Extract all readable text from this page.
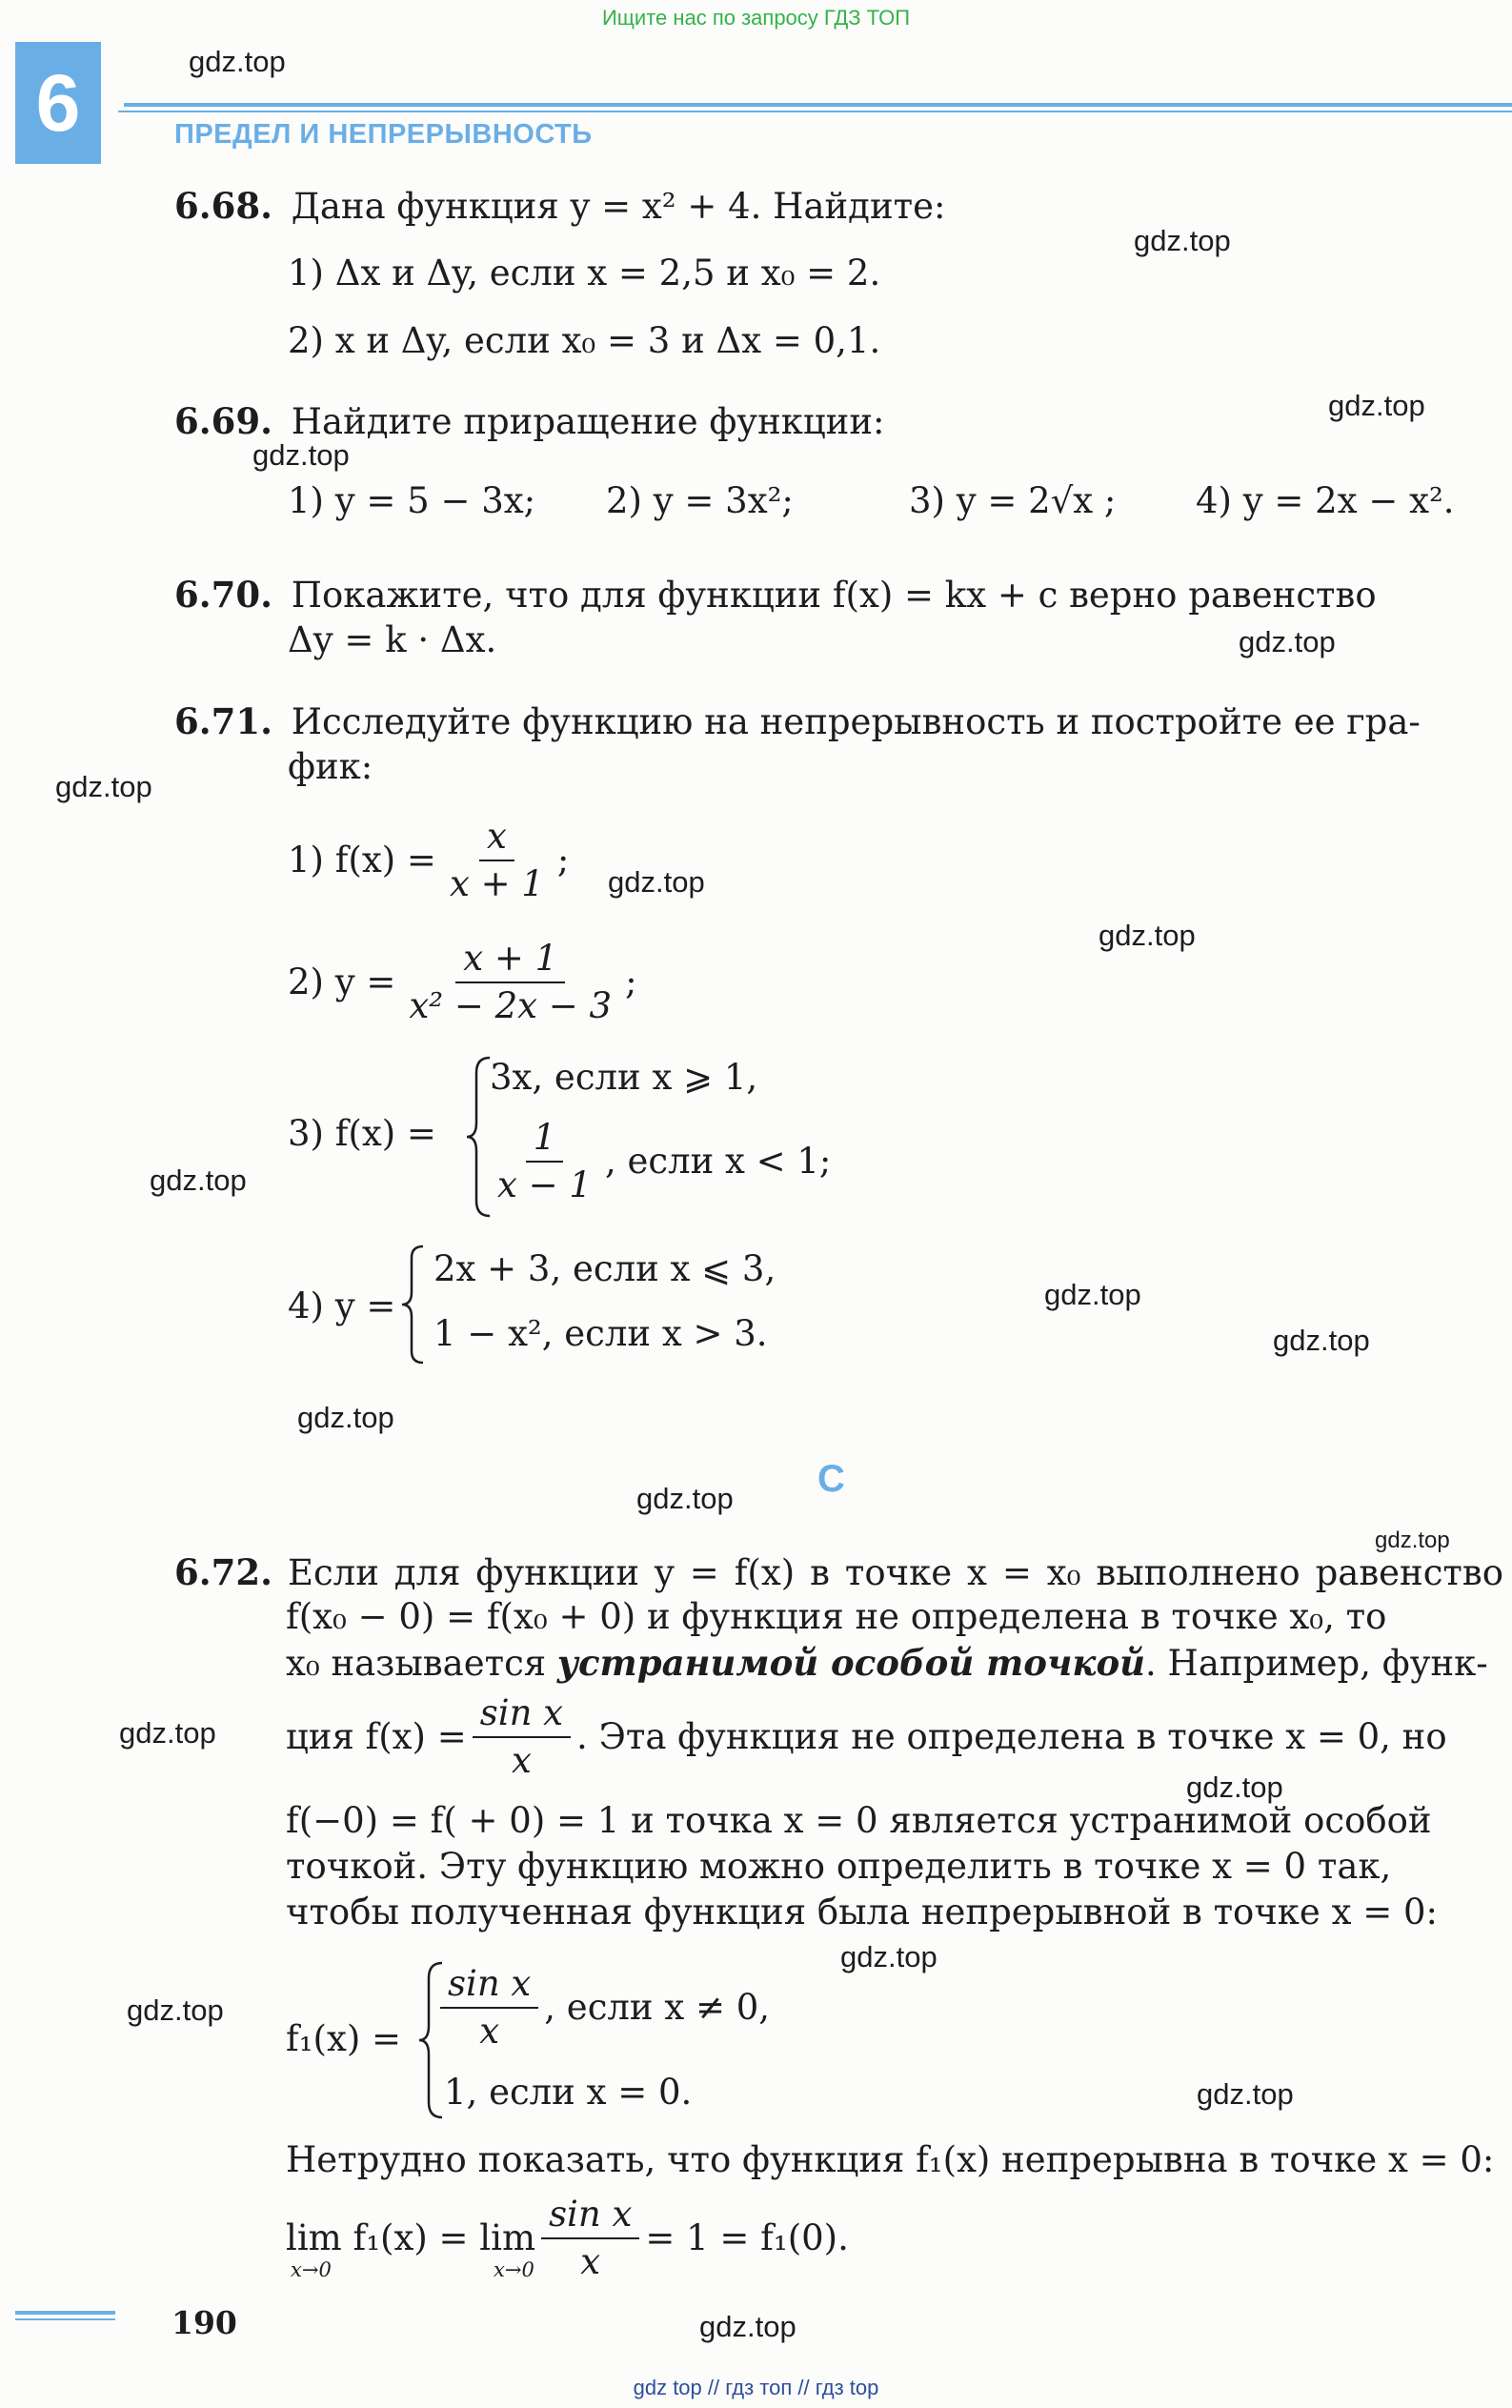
Ищите нас по запросу ГДЗ ТОП
gdz top // гдз топ // гдз top
6	ПРЕДЕЛ И НЕПРЕРЫВНОСТЬ
6.68. Дана функция y = x² + 4. Найдите:
1) Δx и Δy, если x = 2,5 и x₀ = 2.
2) x и Δy, если x₀ = 3 и Δx = 0,1.
6.69. Найдите приращение функции:
1) y = 5 − 3x; 2) y = 3x²;	3) y = 2√x ; 4) y = 2x − x².
6.70. Покажите, что для функции f(x) = kx + c верно равенство
Δy = k · Δx.
6.71. Исследуйте функцию на непрерывность и постройте ее гра-
фик:
1) $f(x) = \frac{x}{x + 1}$ ;
2) $y = \frac{x + 1}{\text{x² − 2x − 3}}$ ;
3) f(x) =
3x, если x ⩾ 1,
$\frac{1}{x - 1}$ , если x < 1;
4) y =
2x + 3, если x ⩽ 3,
1 − x², если x > 3.
С
6.72. Если для функции y = f(x) в точке x = x₀ выполнено равенство
f(x₀ − 0) = f(x₀ + 0) и функция не определена в точке x₀, то
x₀ называется устранимой особой точкой. Например, функ-
ция $f(x) = \frac{\text{sin x}}{x}$ . Эта функция не определена в точке x = 0, но
f(−0) = f( + 0) = 1 и точка x = 0 является устранимой особой
точкой. Эту функцию можно определить в точке x = 0 так,
чтобы полученная функция была непрерывной в точке x = 0:
$f_1(x) = \frac{\text{sin x}}{x}$ , если x ≠ 0,
1, если x = 0.
Нетрудно показать, что функция f₁(x) непрерывна в точке x = 0:
$\lim f_1(x) = \lim \frac{\text{sin x}}{x} = 1 = f_1(0)$.
x→0	x→0
190
gdz.top
gdz.top
gdz.top
gdz.top
gdz.top
gdz.top
gdz.top
gdz.top
gdz.top
gdz.top
gdz.top
gdz.top
gdz.top
gdz.top
gdz.top
gdz.top
gdz.top
gdz.top
gdz.top
gdz.top
